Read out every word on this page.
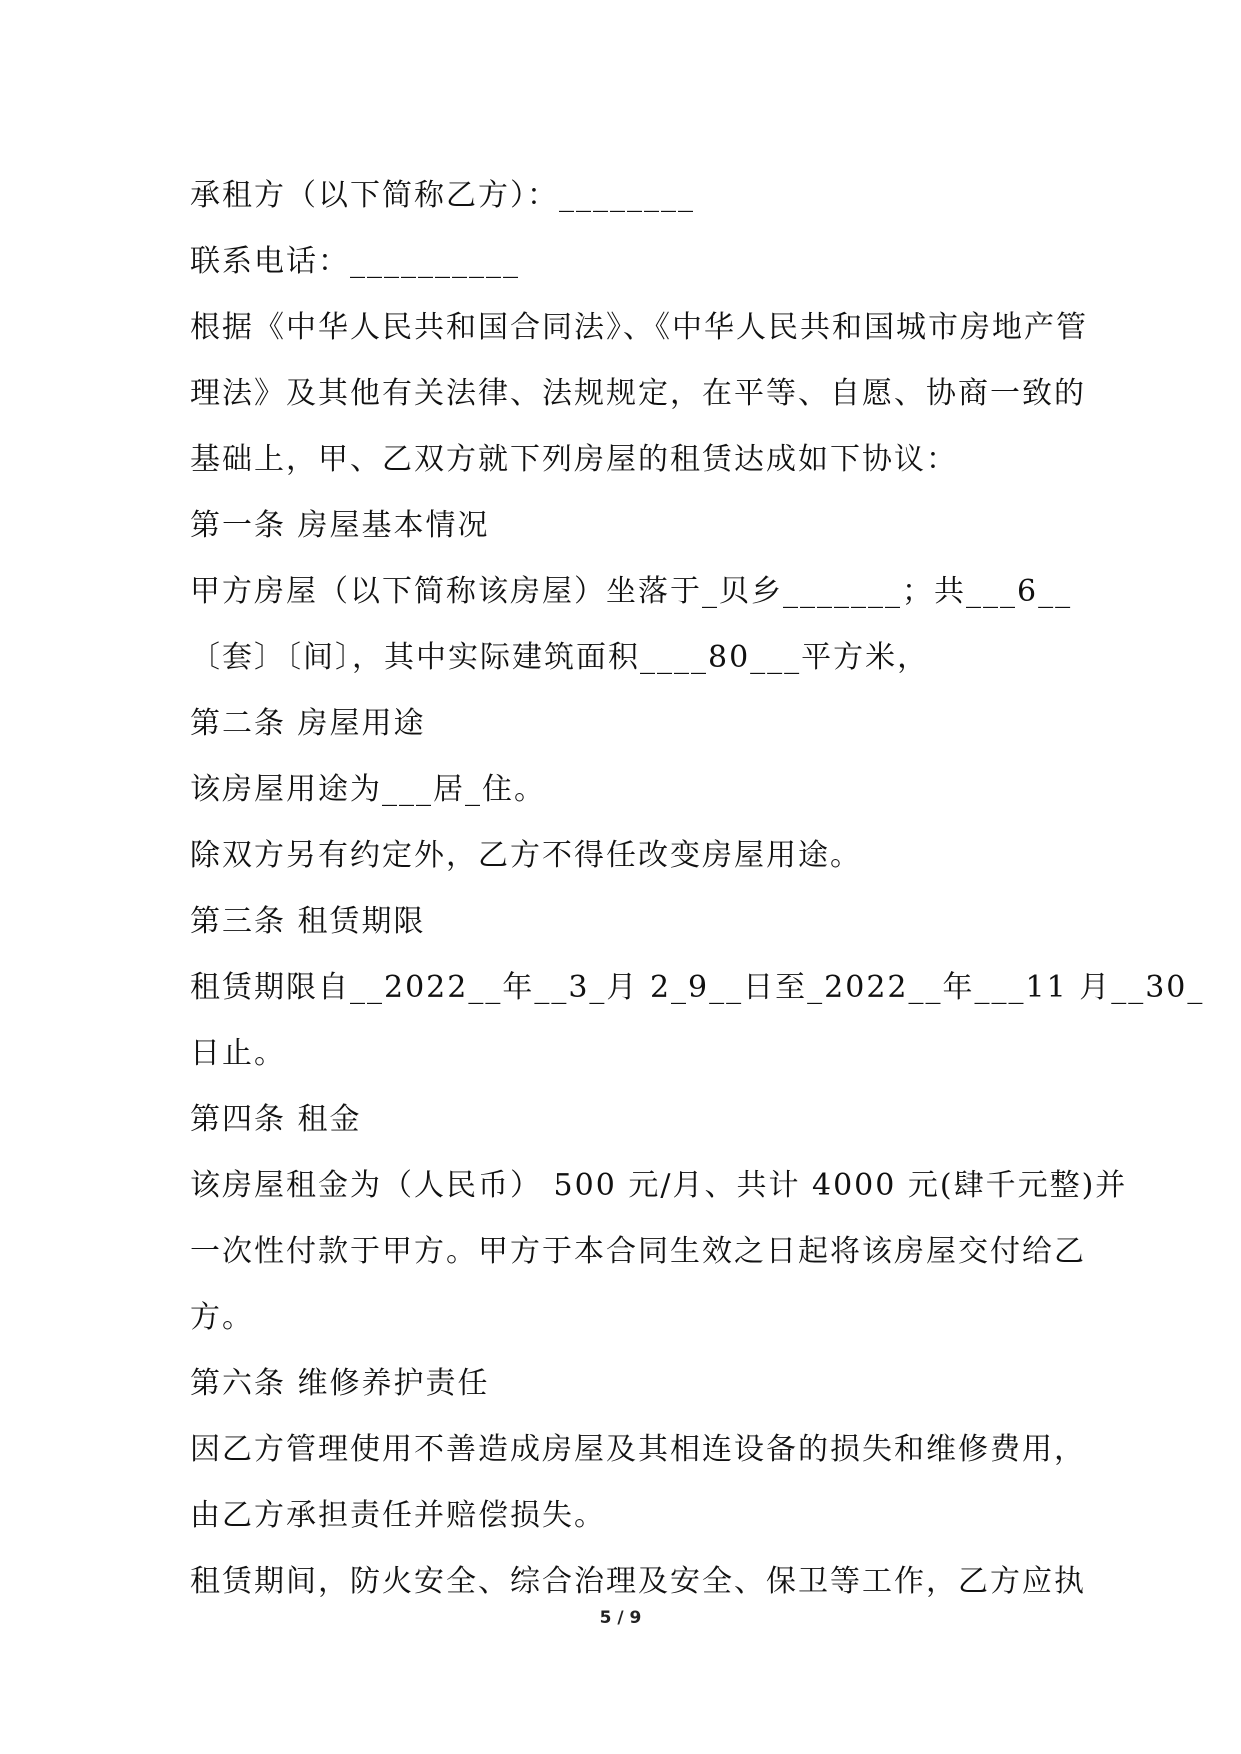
承租方（以下简称乙方）：________
联系电话：__________
根据《中华人民共和国合同法》、《中华人民共和国城市房地产管
理法》及其他有关法律、法规规定，在平等、自愿、协商一致的
基础上，甲、乙双方就下列房屋的租赁达成如下协议：
第一条 房屋基本情况
甲方房屋（以下简称该房屋）坐落于_贝乡_______；共___6__
〔套〕〔间〕，其中实际建筑面积____80___平方米，
第二条 房屋用途
该房屋用途为___居_住。
除双方另有约定外，乙方不得任改变房屋用途。
第三条 租赁期限
租赁期限自__2022__年__3_月 2_9__日至_2022__年___11 月__30_
日止。
第四条 租金
该房屋租金为（人民币） 500 元/月、共计 4000 元(肆千元整)并
一次性付款于甲方。甲方于本合同生效之日起将该房屋交付给乙
方。
第六条 维修养护责任
因乙方管理使用不善造成房屋及其相连设备的损失和维修费用，
由乙方承担责任并赔偿损失。
租赁期间，防火安全、综合治理及安全、保卫等工作，乙方应执
5 / 9
